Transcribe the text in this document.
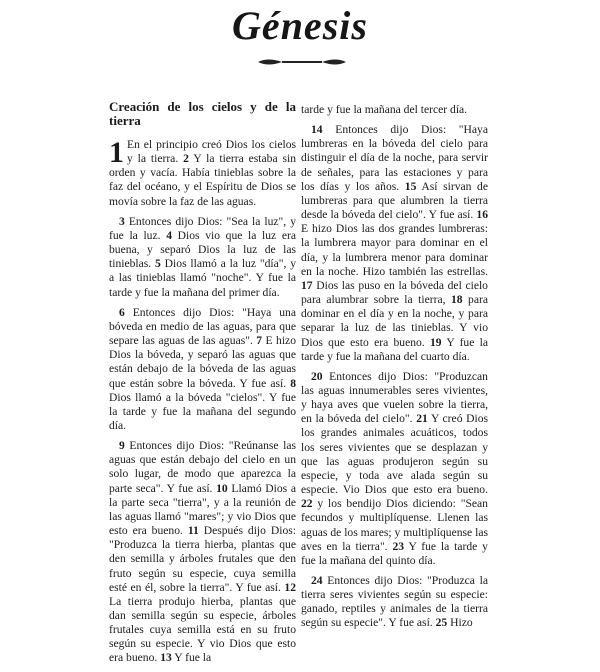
Génesis
Creación de los cielos y de la tierra

1 En el principio creó Dios los cielos y la tierra. 2 Y la tierra estaba sin orden y vacía. Había tinieblas sobre la faz del océano, y el Espíritu de Dios se movía sobre la faz de las aguas.

3 Entonces dijo Dios: "Sea la luz", y fue la luz. 4 Dios vio que la luz era buena, y separó Dios la luz de las tinieblas. 5 Dios llamó a la luz "día", y a las tinieblas llamó "noche". Y fue la tarde y fue la mañana del primer día.

6 Entonces dijo Dios: "Haya una bóveda en medio de las aguas, para que separe las aguas de las aguas". 7 E hizo Dios la bóveda, y separó las aguas que están debajo de la bóveda de las aguas que están sobre la bóveda. Y fue así. 8 Dios llamó a la bóveda "cielos". Y fue la tarde y fue la mañana del segundo día.

9 Entonces dijo Dios: "Reúnanse las aguas que están debajo del cielo en un solo lugar, de modo que aparezca la parte seca". Y fue así. 10 Llamó Dios a la parte seca "tierra", y a la reunión de las aguas llamó "mares"; y vio Dios que esto era bueno. 11 Después dijo Dios: "Produzca la tierra hierba, plantas que den semilla y árboles frutales que den fruto según su especie, cuya semilla esté en él, sobre la tierra". Y fue así. 12 La tierra produjo hierba, plantas que dan semilla según su especie, árboles frutales cuya semilla está en su fruto según su especie. Y vio Dios que esto era bueno. 13 Y fue la

tarde y fue la mañana del tercer día.

14 Entonces dijo Dios: "Haya lumbreras en la bóveda del cielo para distinguir el día de la noche, para servir de señales, para las estaciones y para los días y los años. 15 Así sirvan de lumbreras para que alumbren la tierra desde la bóveda del cielo". Y fue así. 16 E hizo Dios las dos grandes lumbreras: la lumbrera mayor para dominar en el día, y la lumbrera menor para dominar en la noche. Hizo también las estrellas. 17 Dios las puso en la bóveda del cielo para alumbrar sobre la tierra, 18 para dominar en el día y en la noche, y para separar la luz de las tinieblas. Y vio Dios que esto era bueno. 19 Y fue la tarde y fue la mañana del cuarto día.

20 Entonces dijo Dios: "Produzcan las aguas innumerables seres vivientes, y haya aves que vuelen sobre la tierra, en la bóveda del cielo". 21 Y creó Dios los grandes animales acuáticos, todos los seres vivientes que se desplazan y que las aguas produjeron según su especie, y toda ave alada según su especie. Vio Dios que esto era bueno. 22 y los bendijo Dios diciendo: "Sean fecundos y multiplíquense. Llenen las aguas de los mares; y multiplíquense las aves en la tierra". 23 Y fue la tarde y fue la mañana del quinto día.

24 Entonces dijo Dios: "Produzca la tierra seres vivientes según su especie: ganado, reptiles y animales de la tierra según su especie". Y fue así. 25 Hizo
